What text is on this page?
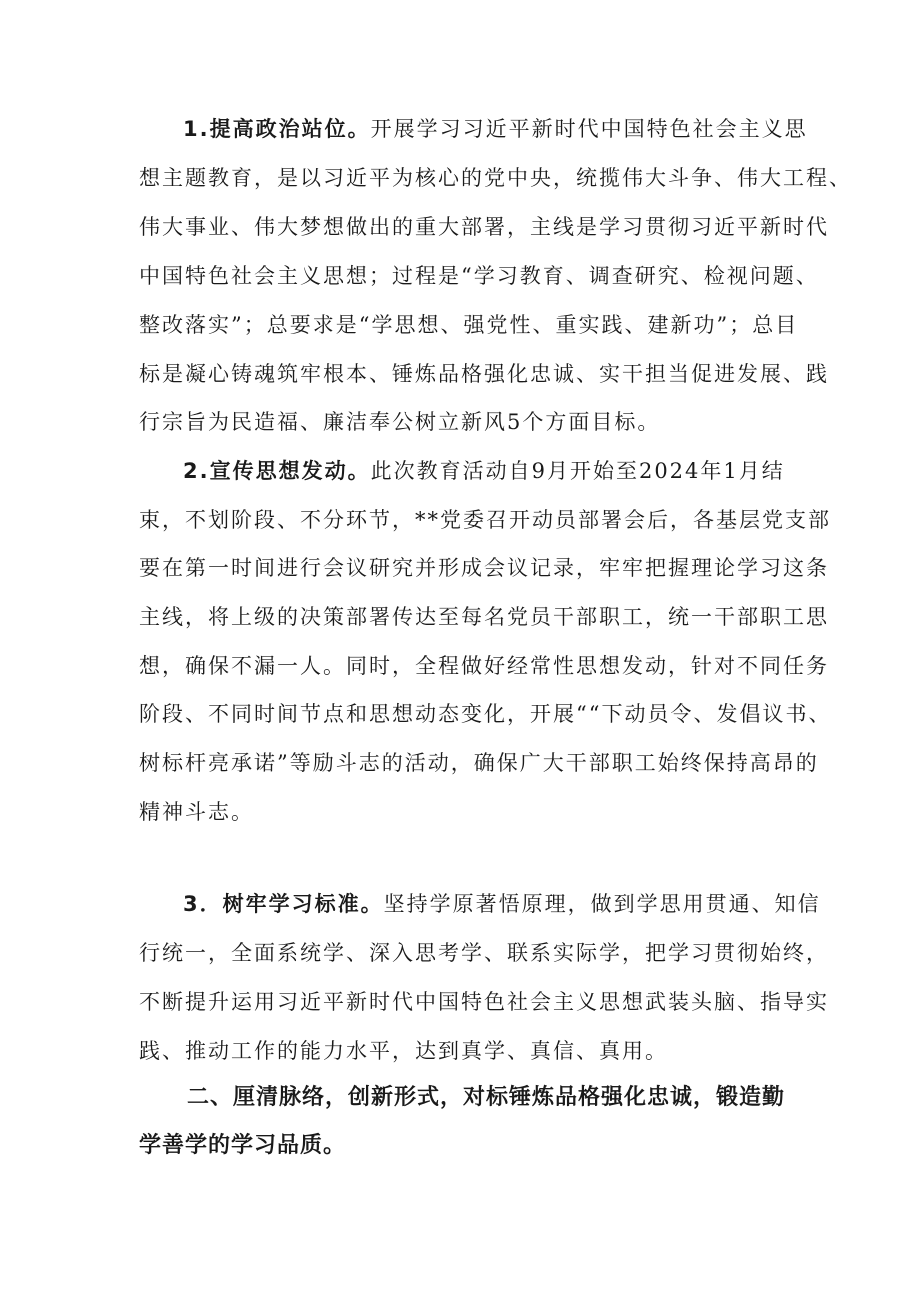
1.提高政治站位。开展学习习近平新时代中国特色社会主义思
想主题教育，是以习近平为核心的党中央，统揽伟大斗争、伟大工程、
伟大事业、伟大梦想做出的重大部署，主线是学习贯彻习近平新时代
中国特色社会主义思想；过程是“学习教育、调查研究、检视问题、
整改落实”；总要求是“学思想、强党性、重实践、建新功”；总目
标是凝心铸魂筑牢根本、锤炼品格强化忠诚、实干担当促进发展、践
行宗旨为民造福、廉洁奉公树立新风5个方面目标。
2.宣传思想发动。此次教育活动自9月开始至2024年1月结
束，不划阶段、不分环节，**党委召开动员部署会后，各基层党支部
要在第一时间进行会议研究并形成会议记录，牢牢把握理论学习这条
主线，将上级的决策部署传达至每名党员干部职工，统一干部职工思
想，确保不漏一人。同时，全程做好经常性思想发动，针对不同任务
阶段、不同时间节点和思想动态变化，开展““下动员令、发倡议书、
树标杆亮承诺”等励斗志的活动，确保广大干部职工始终保持高昂的
精神斗志。
3．树牢学习标准。坚持学原著悟原理，做到学思用贯通、知信
行统一，全面系统学、深入思考学、联系实际学，把学习贯彻始终，
不断提升运用习近平新时代中国特色社会主义思想武装头脑、指导实
践、推动工作的能力水平，达到真学、真信、真用。
二、厘清脉络，创新形式，对标锤炼品格强化忠诚，锻造勤
学善学的学习品质。
